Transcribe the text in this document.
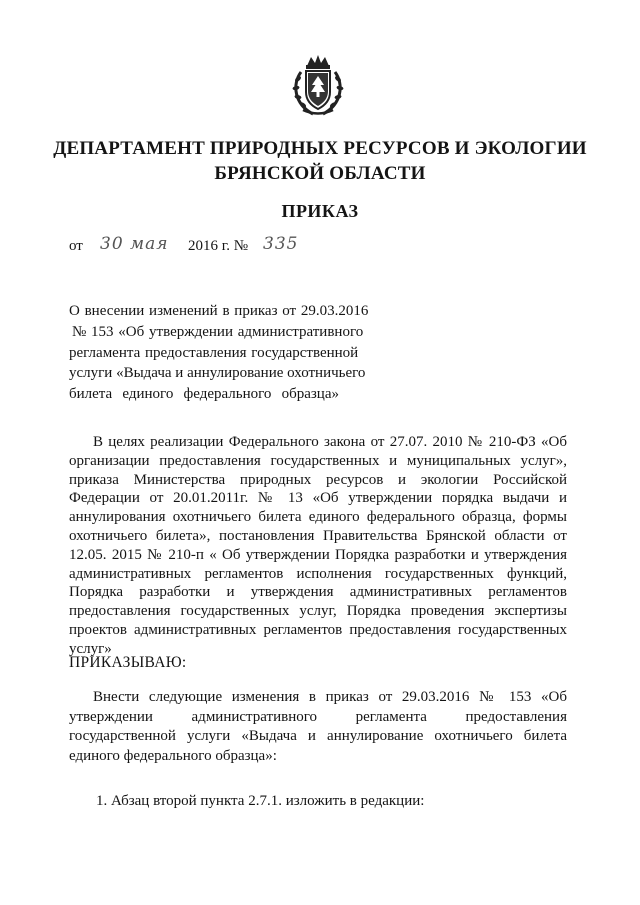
ДЕПАРТАМЕНТ ПРИРОДНЫХ РЕСУРСОВ И ЭКОЛОГИИ
БРЯНСКОЙ ОБЛАСТИ
ПРИКАЗ
от 30 мая 2016 г. № 335
О внесении изменений в приказ от 29.03.2016
№ 153 «Об утверждении административного
регламента предоставления государственной
услуги «Выдача и аннулирование охотничьего
билета единого федерального образца»
В целях реализации Федерального закона от 27.07. 2010 № 210-ФЗ «Об организации предоставления государственных и муниципальных услуг», приказа Министерства природных ресурсов и экологии Российской Федерации от 20.01.2011г. № 13 «Об утверждении порядка выдачи и аннулирования охотничьего билета единого федерального образца, формы охотничьего билета», постановления Правительства Брянской области от 12.05. 2015 № 210-п « Об утверждении Порядка разработки и утверждения административных регламентов исполнения государственных функций, Порядка разработки и утверждения административных регламентов предоставления государственных услуг, Порядка проведения экспертизы проектов административных регламентов предоставления государственных услуг»
ПРИКАЗЫВАЮ:
Внести следующие изменения в приказ от 29.03.2016 № 153 «Об утверждении административного регламента предоставления государственной услуги «Выдача и аннулирование охотничьего билета единого федерального образца»:
1. Абзац второй пункта 2.7.1. изложить в редакции:
